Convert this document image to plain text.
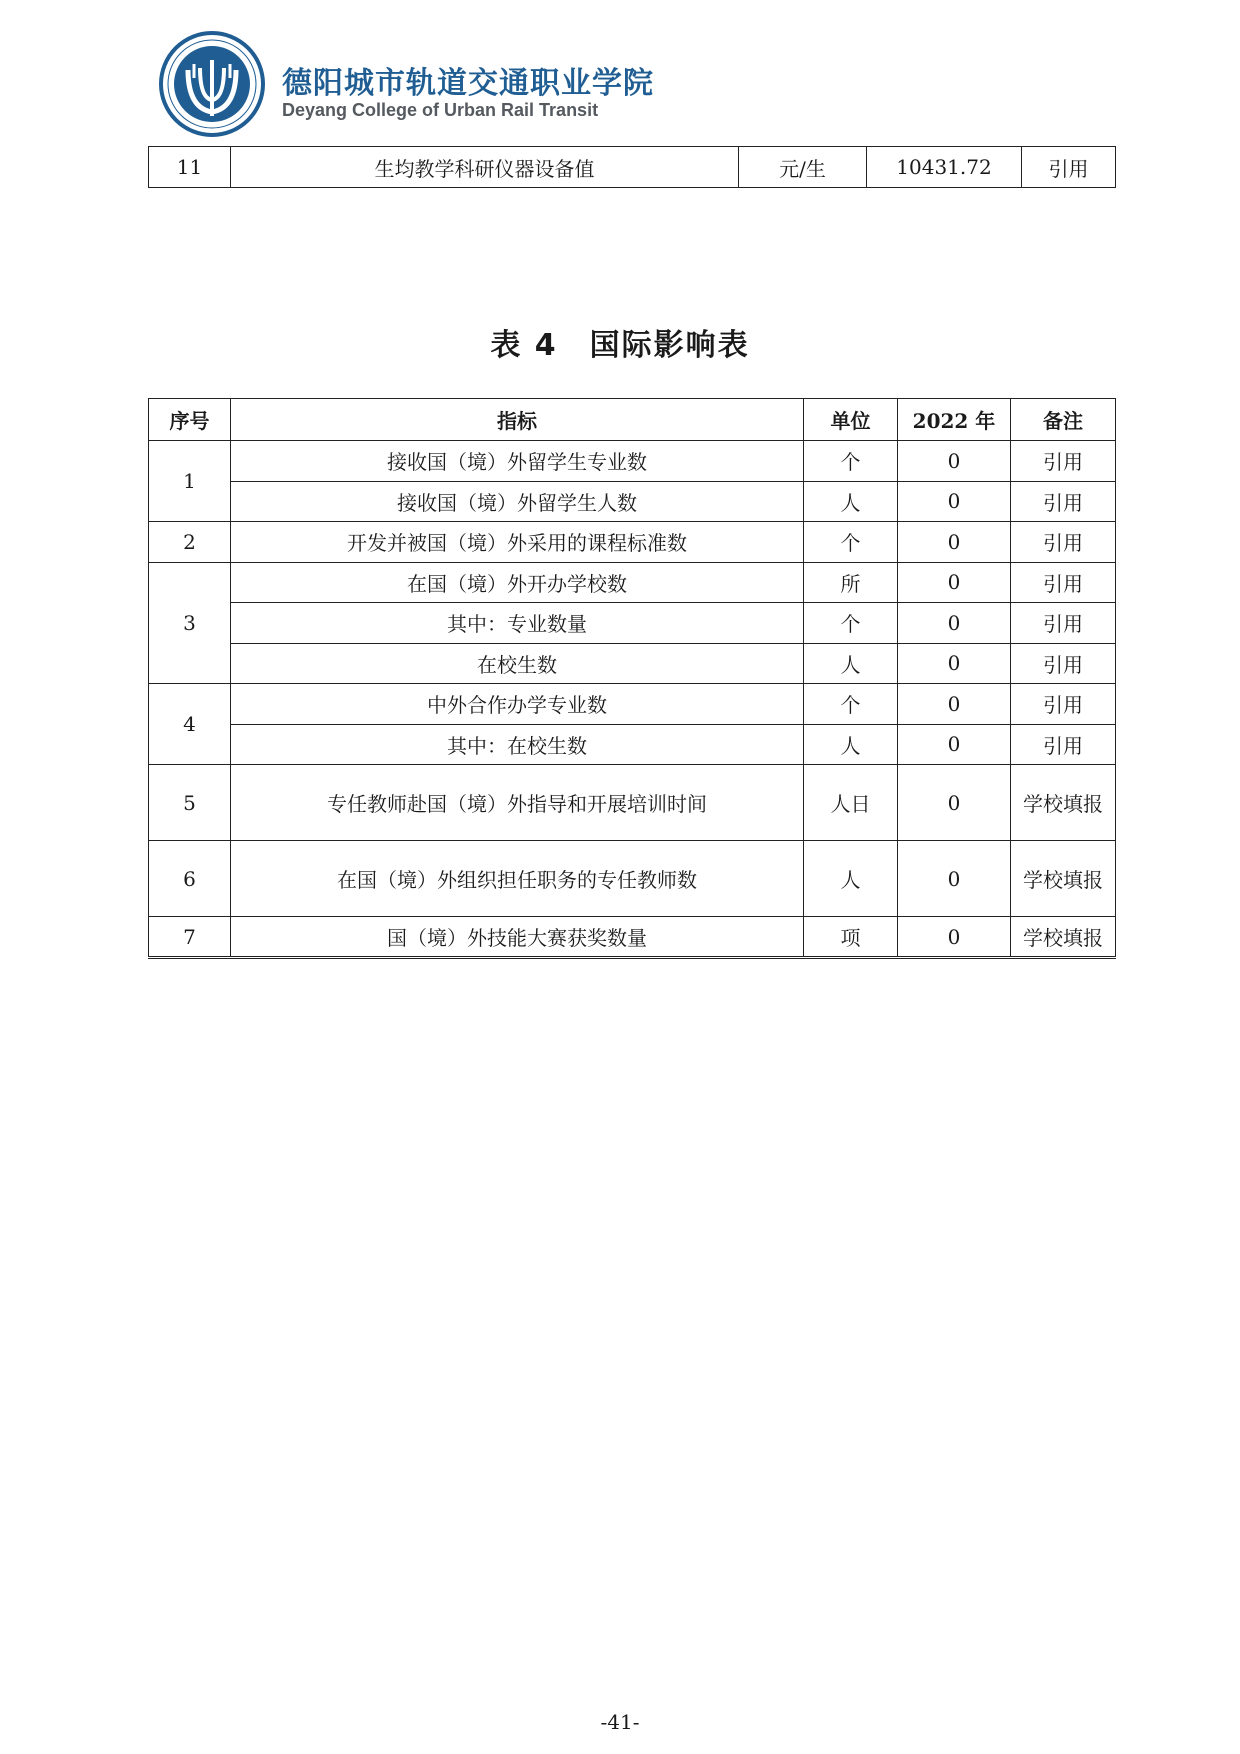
德阳城市轨道交通职业学院
Deyang College of Urban Rail Transit
11	生均教学科研仪器设备值	元/生	10431.72	引用
表 4　国际影响表
序号	指标	单位	2022 年	备注
1	接收国（境）外留学生专业数	个	0	引用
	接收国（境）外留学生人数	人	0	引用
2	开发并被国（境）外采用的课程标准数	个	0	引用
3	在国（境）外开办学校数	所	0	引用
	其中：专业数量	个	0	引用
	在校生数	人	0	引用
4	中外合作办学专业数	个	0	引用
	其中：在校生数	人	0	引用
5	专任教师赴国（境）外指导和开展培训时间	人日	0	学校填报
6	在国（境）外组织担任职务的专任教师数	人	0	学校填报
7	国（境）外技能大赛获奖数量	项	0	学校填报
-41-
